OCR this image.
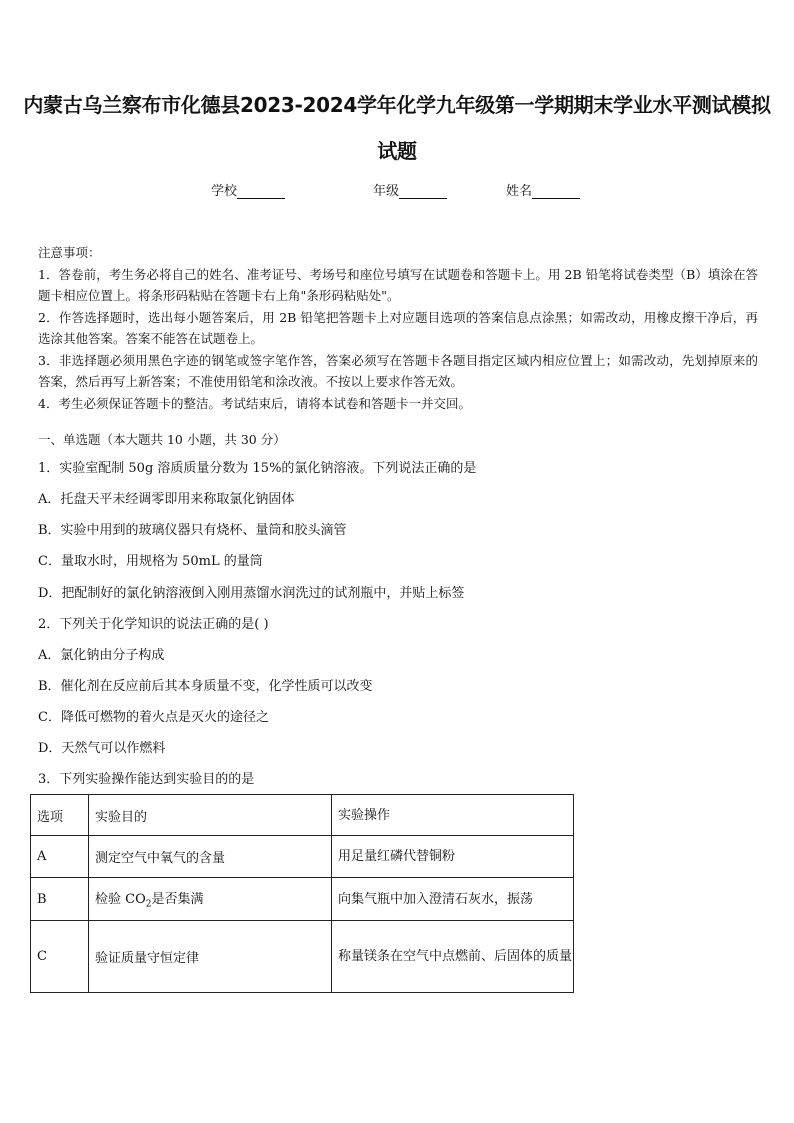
内蒙古乌兰察布市化德县2023-2024学年化学九年级第一学期期末学业水平测试模拟
试题
学校	年级	姓名

注意事项：

1．答卷前，考生务必将自己的姓名、准考证号、考场号和座位号填写在试题卷和答题卡上。用 2B 铅笔将试卷类型（B）填涂在答题卡相应位置上。将条形码粘贴在答题卡右上角"条形码粘贴处"。

2．作答选择题时，选出每小题答案后，用 2B 铅笔把答题卡上对应题目选项的答案信息点涂黑；如需改动，用橡皮擦干净后，再选涂其他答案。答案不能答在试题卷上。

3．非选择题必须用黑色字迹的钢笔或签字笔作答，答案必须写在答题卡各题目指定区域内相应位置上；如需改动，先划掉原来的答案，然后再写上新答案；不准使用铅笔和涂改液。不按以上要求作答无效。

4．考生必须保证答题卡的整洁。考试结束后，请将本试卷和答题卡一并交回。

一、单选题（本大题共 10 小题，共 30 分）
1．实验室配制 50g 溶质质量分数为 15%的氯化钠溶液。下列说法正确的是
A．托盘天平未经调零即用来称取氯化钠固体
B．实验中用到的玻璃仪器只有烧杯、量筒和胶头滴管
C．量取水时，用规格为 50mL 的量筒
D．把配制好的氯化钠溶液倒入刚用蒸馏水润洗过的试剂瓶中，并贴上标签
2．下列关于化学知识的说法正确的是( )
A．氯化钠由分子构成
B．催化剂在反应前后其本身质量不变，化学性质可以改变
C．降低可燃物的着火点是灭火的途径之
D．天然气可以作燃料
3．下列实验操作能达到实验目的的是
选项	实验目的	实验操作
A	测定空气中氧气的含量	用足量红磷代替铜粉
B	检验 $CO_2$是否集满	向集气瓶中加入澄清石灰水，振荡
C	验证质量守恒定律	称量镁条在空气中点燃前、后固体的质量
